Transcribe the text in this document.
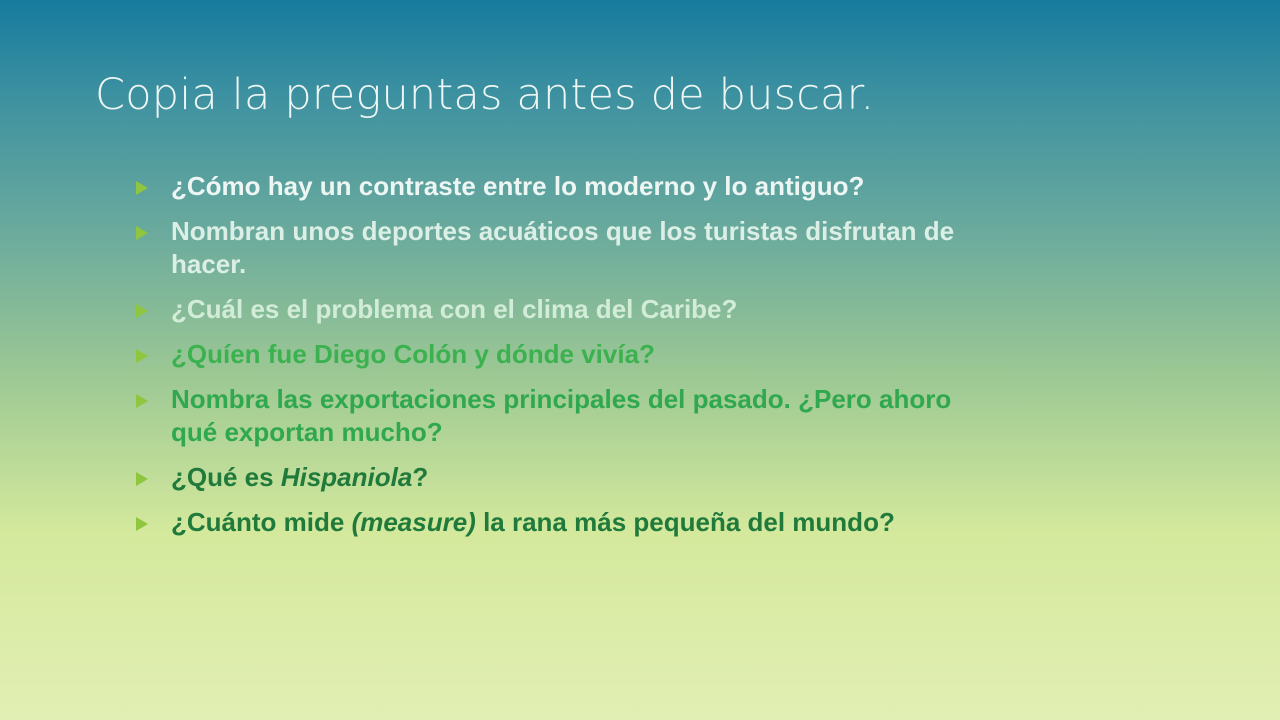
Copia la preguntas antes de buscar.
¿Cómo hay un contraste entre lo moderno y lo antiguo?
Nombran unos deportes acuáticos que los turistas disfrutan de hacer.
¿Cuál es el problema con el clima del Caribe?
¿Quíen fue Diego Colón y dónde vivía?
Nombra las exportaciones principales del pasado. ¿Pero ahoro qué exportan mucho?
¿Qué es Hispaniola?
¿Cuánto mide (measure) la rana más pequeña del mundo?
